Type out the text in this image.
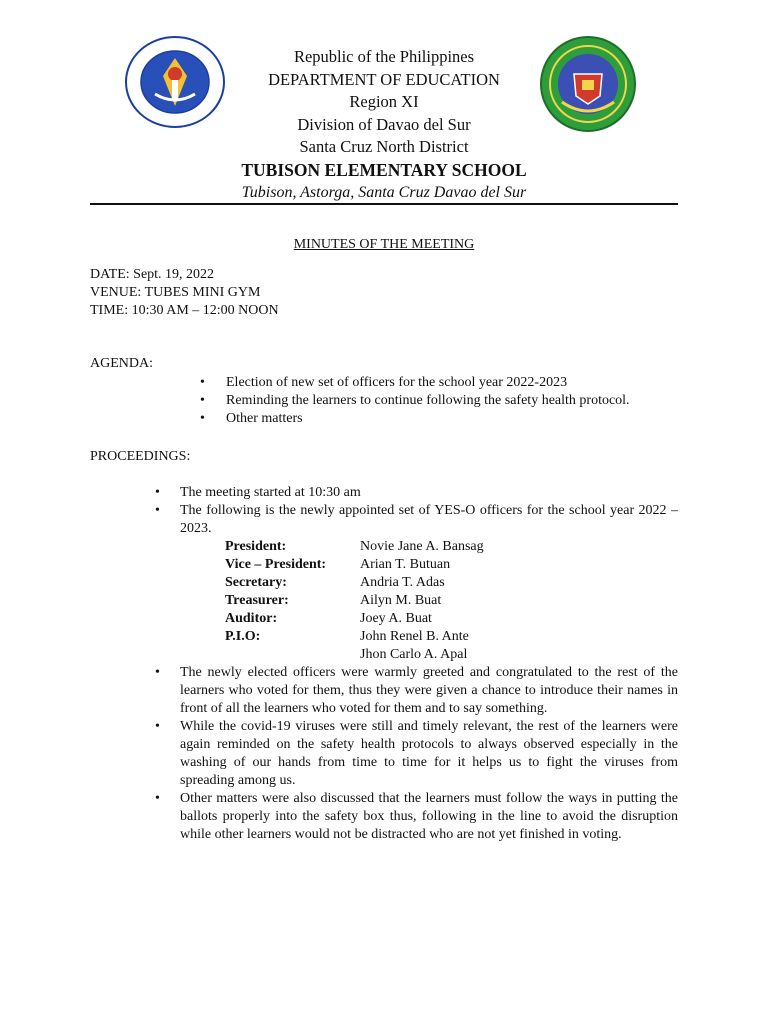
Republic of the Philippines
DEPARTMENT OF EDUCATION
Region XI
Division of Davao del Sur
Santa Cruz North District
TUBISON ELEMENTARY SCHOOL
Tubison, Astorga, Santa Cruz Davao del Sur
MINUTES OF THE MEETING
DATE: Sept. 19, 2022
VENUE: TUBES MINI GYM
TIME: 10:30 AM – 12:00 NOON
AGENDA:
• Election of new set of officers for the school year 2022-2023
• Reminding the learners to continue following the safety health protocol.
• Other matters
PROCEEDINGS:
• The meeting started at 10:30 am
• The following is the newly appointed set of YES-O officers for the school year 2022 – 2023.
President:	Novie Jane A. Bansag
Vice – President:	Arian T. Butuan
Secretary:	Andria T. Adas
Treasurer:	Ailyn M. Buat
Auditor:	Joey A. Buat
P.I.O:	John Renel B. Ante
	Jhon Carlo A. Apal
• The newly elected officers were warmly greeted and congratulated to the rest of the learners who voted for them, thus they were given a chance to introduce their names in front of all the learners who voted for them and to say something.
• While the covid-19 viruses were still and timely relevant, the rest of the learners were again reminded on the safety health protocols to always observed especially in the washing of our hands from time to time for it helps us to fight the viruses from spreading among us.
• Other matters were also discussed that the learners must follow the ways in putting the ballots properly into the safety box thus, following in the line to avoid the disruption while other learners would not be distracted who are not yet finished in voting.
